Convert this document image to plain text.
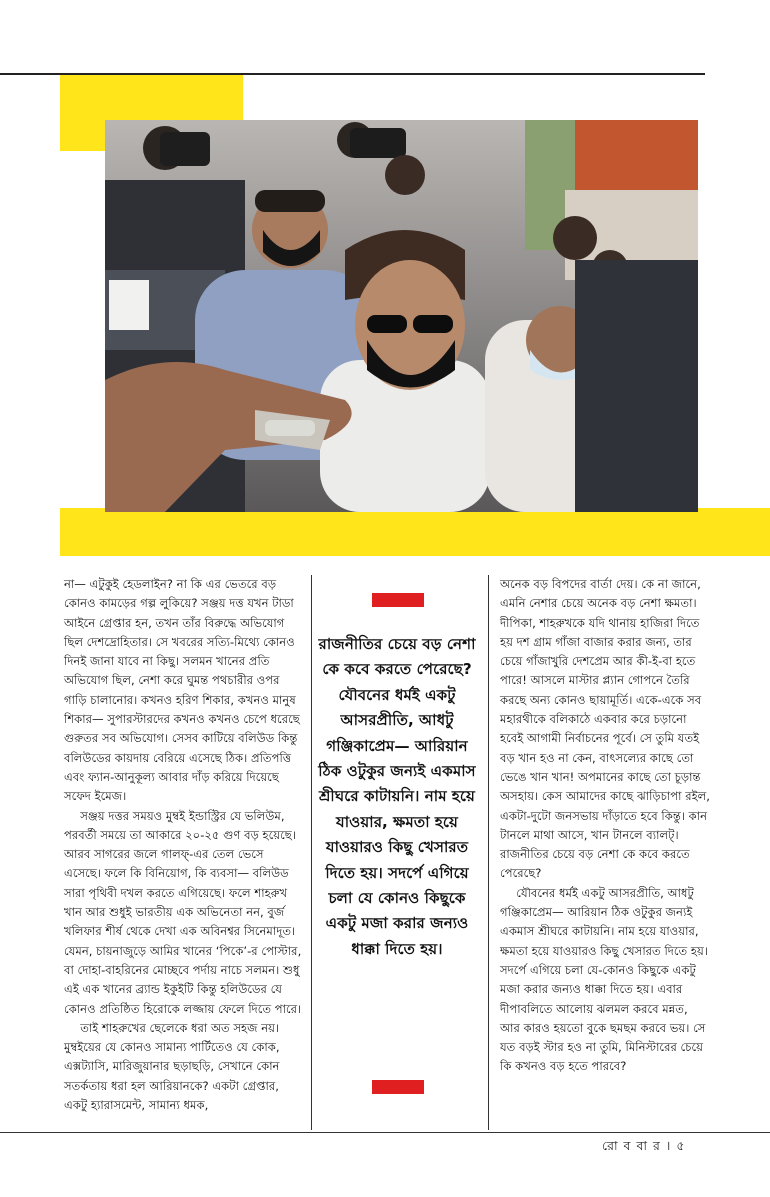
না— এটুকুই হেডলাইন? না কি এর ভেতরে বড় কোনও কামড়ের গল্প লুকিয়ে? সঞ্জয় দত্ত যখন টাডা আইনে গ্রেপ্তার হন, তখন তাঁর বিরুদ্ধে অভিযোগ ছিল দেশদ্রোহিতার। সে খবরের সত্যি-মিথ্যে কোনও দিনই জানা যাবে না কিছু। সলমন খানের প্রতি অভিযোগ ছিল, নেশা করে ঘুমন্ত পথচারীর ওপর গাড়ি চালানোর। কখনও হরিণ শিকার, কখনও মানুষ শিকার— সুপারস্টারদের কখনও কখনও চেপে ধরেছে গুরুতর সব অভিযোগ। সেসব কাটিয়ে বলিউড কিন্তু বলিউডের কায়দায় বেরিয়ে এসেছে ঠিক। প্রতিপত্তি এবং ফ্যান-আনুকূল্য আবার দাঁড় করিয়ে দিয়েছে সফেদ ইমেজ।

সঞ্জয় দত্তর সময়ও মুম্বই ইন্ডাস্ট্রির যে ভলিউম, পরবর্তী সময়ে তা আকারে ২০-২৫ গুণ বড় হয়েছে। আরব সাগরের জলে গালফ্-এর তেল ভেসে এসেছে। ফলে কি বিনিয়োগ, কি ব্যবসা— বলিউড সারা পৃথিবী দখল করতে এগিয়েছে। ফলে শাহরুখ খান আর শুধুই ভারতীয় এক অভিনেতা নন, বুর্জ খলিফার শীর্ষ থেকে দেখা এক অবিনশ্বর সিনেমাদূত। যেমন, চায়নাজুড়ে আমির খানের ‘পিকে’-র পোস্টার, বা দোহা-বাহরিনের মোচ্ছবে পর্দায় নাচে সলমন। শুধু এই এক খানের ব্র্যান্ড ইকুইটি কিন্তু হলিউডের যে কোনও প্রতিষ্ঠিত হিরোকে লজ্জায় ফেলে দিতে পারে।

তাই শাহরুখের ছেলেকে ধরা অত সহজ নয়। মুম্বইয়ের যে কোনও সামান্য পার্টিতেও যে কোক, এক্সট্যাসি, মারিজুয়ানার ছড়াছড়ি, সেখানে কোন সতর্কতায় ধরা হল আরিয়ানকে? একটা গ্রেপ্তার, একটু হ্যারাসমেন্ট, সামান্য ধমক,

রাজনীতির চেয়ে বড় নেশা কে কবে করতে পেরেছে? যৌবনের ধর্মই একটু আসরপ্রীতি, আধটু গঞ্জিকাপ্রেম— আরিয়ান ঠিক ওটুকুর জন্যই একমাস শ্রীঘরে কাটায়নি। নাম হয়ে যাওয়ার, ক্ষমতা হয়ে যাওয়ারও কিছু খেসারত দিতে হয়। সদর্পে এগিয়ে চলা যে কোনও কিছুকে একটু মজা করার জন্যও ধাক্কা দিতে হয়।

অনেক বড় বিপদের বার্তা দেয়। কে না জানে, এমনি নেশার চেয়ে অনেক বড় নেশা ক্ষমতা। দীপিকা, শাহরুখকে যদি থানায় হাজিরা দিতে হয় দশ গ্রাম গাঁজা বাজার করার জন্য, তার চেয়ে গাঁজাখুরি দেশপ্রেম আর কী-ই-বা হতে পারে! আসলে মাস্টার প্ল্যান গোপনে তৈরি করছে অন্য কোনও ছায়ামূর্তি। একে-একে সব মহারথীকে বলিকাঠে একবার করে চড়ানো হবেই আগামী নির্বাচনের পূর্বে। সে তুমি যতই বড় খান হও না কেন, বাৎসল্যের কাছে তো ভেঙে খান খান! অপমানের কাছে তো চূড়ান্ত অসহায়। কেস আমাদের কাছে ঝাড়িচাপা রইল, একটা-দুটো জনসভায় দাঁড়াতে হবে কিন্তু। কান টানলে মাথা আসে, খান টানলে ব্যালট্। রাজনীতির চেয়ে বড় নেশা কে কবে করতে পেরেছে?

যৌবনের ধর্মই একটু আসরপ্রীতি, আধটু গঞ্জিকাপ্রেম— আরিয়ান ঠিক ওটুকুর জন্যই একমাস শ্রীঘরে কাটায়নি। নাম হয়ে যাওয়ার, ক্ষমতা হয়ে যাওয়ারও কিছু খেসারত দিতে হয়। সদর্পে এগিয়ে চলা যে-কোনও কিছুকে একটু মজা করার জন্যও ধাক্কা দিতে হয়। এবার দীপাবলিতে আলোয় ঝলমল করবে মন্নত, আর কারও হয়তো বুকে ছমছম করবে ভয়। সে যত বড়ই স্টার হও না তুমি, মিনিস্টারের চেয়ে কি কখনও বড় হতে পারবে?

রো ব বা র । ৫
